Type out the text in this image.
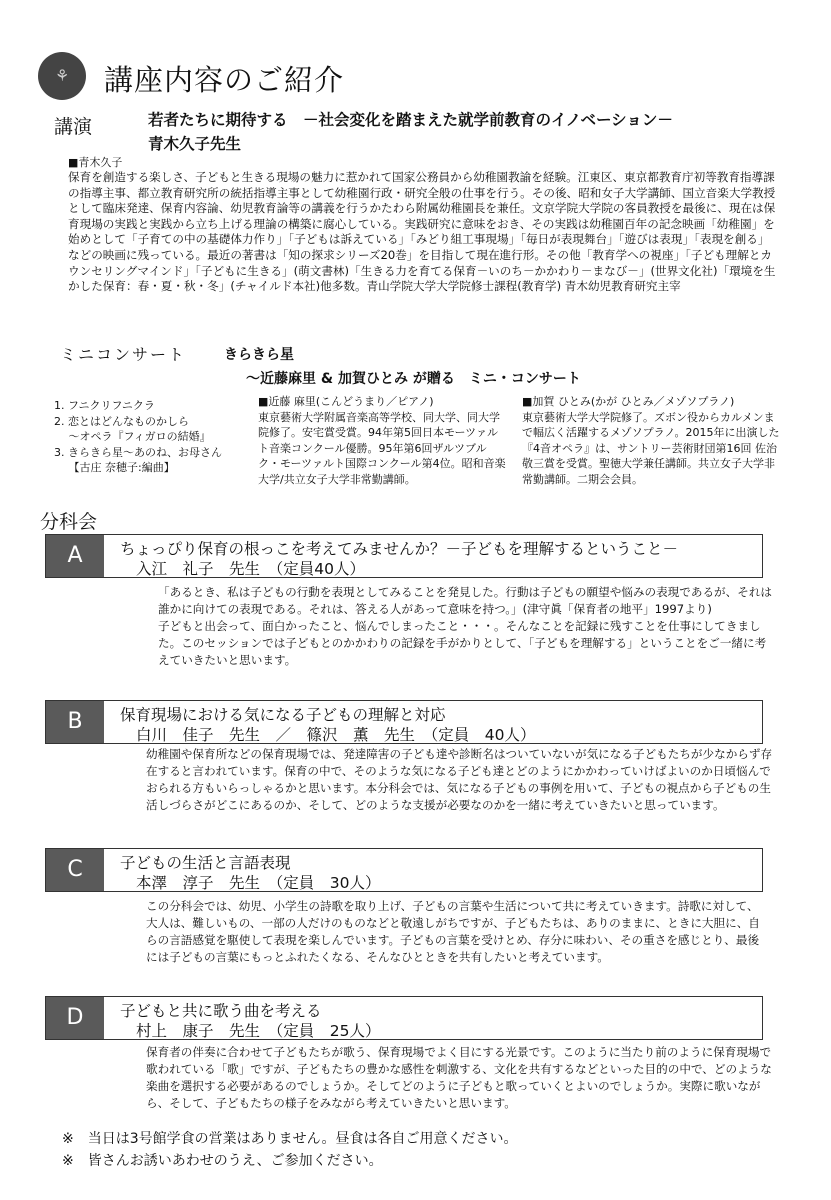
⚘	講座内容のご紹介
講演	若者たちに期待する　－社会変化を踏まえた就学前教育のイノベーション－
青木久子先生
■青木久子
保育を創造する楽しさ、子どもと生きる現場の魅力に惹かれて国家公務員から幼稚園教諭を経験。江東区、東京都教育庁初等教育指導課の指導主事、都立教育研究所の統括指導主事として幼稚園行政・研究全般の仕事を行う。その後、昭和女子大学講師、国立音楽大学教授として臨床発達、保育内容論、幼児教育論等の講義を行うかたわら附属幼稚園長を兼任。文京学院大学院の客員教授を最後に、現在は保育現場の実践と実践から立ち上げる理論の構築に腐心している。実践研究に意味をおき、その実践は幼稚園百年の記念映画「幼稚園」を始めとして「子育ての中の基礎体力作り」「子どもは訴えている」「みどり組工事現場」「毎日が表現舞台」「遊びは表現」「表現を創る」などの映画に残っている。最近の著書は「知の探求シリーズ20巻」を目指して現在進行形。その他「教育学への視座」「子ども理解とカウンセリングマインド」「子どもに生きる」(萌文書林)「生きる力を育てる保育－いのち－かかわり－まなび－」(世界文化社)「環境を生かした保育：春・夏・秋・冬」(チャイルド本社)他多数。青山学院大学大学院修士課程(教育学) 青木幼児教育研究主宰
ミニコンサート	きらきら星
～近藤麻里 & 加賀ひとみ が贈る　ミニ・コンサート
1. フニクリフニクラ
2. 恋とはどんなものかしら
　 ～オペラ『フィガロの結婚』
3. きらきら星～あのね、お母さん
　 【古庄 奈穂子:編曲】
■近藤 麻里(こんどうまり／ピアノ)
東京藝術大学附属音楽高等学校、同大学、同大学院修了。安宅賞受賞。94年第5回日本モーツァルト音楽コンクール優勝。95年第6回ザルツブルク・モーツァルト国際コンクール第4位。昭和音楽大学/共立女子大学非常勤講師。
■加賀 ひとみ(かが ひとみ／メゾソプラノ)
東京藝術大学大学院修了。ズボン役からカルメンまで幅広く活躍するメゾソプラノ。2015年に出演した『4音オペラ』は、サントリー芸術財団第16回 佐治敬三賞を受賞。聖徳大学兼任講師。共立女子大学非常勤講師。二期会会員。
分科会
A	ちょっぴり保育の根っこを考えてみませんか？－子どもを理解するということ－
入江　礼子　先生　（定員40人）
「あるとき、私は子どもの行動を表現としてみることを発見した。行動は子どもの願望や悩みの表現であるが、それは誰かに向けての表現である。それは、答える人があって意味を持つ。」(津守眞「保育者の地平」1997より)
子どもと出会って、面白かったこと、悩んでしまったこと・・・。そんなことを記録に残すことを仕事にしてきました。このセッションでは子どもとのかかわりの記録を手がかりとして、「子どもを理解する」ということをご一緒に考えていきたいと思います。
B	保育現場における気になる子どもの理解と対応
白川　佳子　先生　／　篠沢　薫　先生　（定員　40人）
幼稚園や保育所などの保育現場では、発達障害の子ども達や診断名はついていないが気になる子どもたちが少なからず存在すると言われています。保育の中で、そのような気になる子ども達とどのようにかかわっていけばよいのか日頃悩んでおられる方もいらっしゃるかと思います。本分科会では、気になる子どもの事例を用いて、子どもの視点から子どもの生活しづらさがどこにあるのか、そして、どのような支援が必要なのかを一緒に考えていきたいと思っています。
C	子どもの生活と言語表現
本澤　淳子　先生　（定員　30人）
この分科会では、幼児、小学生の詩歌を取り上げ、子どもの言葉や生活について共に考えていきます。詩歌に対して、大人は、難しいもの、一部の人だけのものなどと敬遠しがちですが、子どもたちは、ありのままに、ときに大胆に、自らの言語感覚を駆使して表現を楽しんでいます。子どもの言葉を受けとめ、存分に味わい、その重さを感じとり、最後には子どもの言葉にもっとふれたくなる、そんなひとときを共有したいと考えています。
D	子どもと共に歌う曲を考える
村上　康子　先生　（定員　25人）
保育者の伴奏に合わせて子どもたちが歌う、保育現場でよく目にする光景です。このように当たり前のように保育現場で歌われている「歌」ですが、子どもたちの豊かな感性を刺激する、文化を共有するなどといった目的の中で、どのような楽曲を選択する必要があるのでしょうか。そしてどのように子どもと歌っていくとよいのでしょうか。実際に歌いながら、そして、子どもたちの様子をみながら考えていきたいと思います。
※　当日は3号館学食の営業はありません。昼食は各自ご用意ください。
※　皆さんお誘いあわせのうえ、ご参加ください。
